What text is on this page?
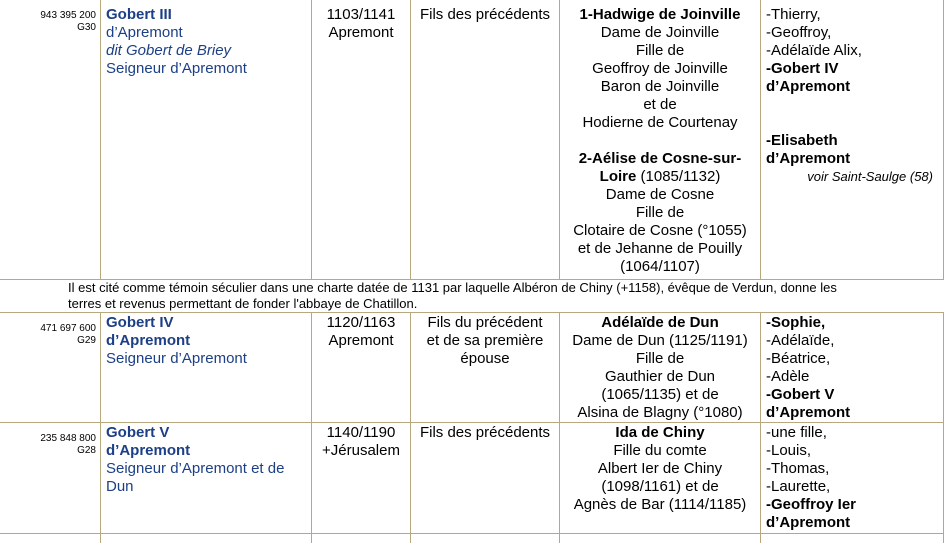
943 395 200
G30
Gobert III
d’Apremont
dit Gobert de Briey
Seigneur d’Apremont
1103/1141
Apremont
Fils des précédents	1-Hadwige de Joinville
Dame de Joinville
Fille de
Geoffroy de Joinville
Baron de Joinville
et de
Hodierne de Courtenay
2-Aélise de Cosne-sur-
Loire (1085/1132)
Dame de Cosne
Fille de
Clotaire de Cosne (°1055)
et de Jehanne de Pouilly
(1064/1107)
-Thierry,
-Geoffroy,
-Adélaïde Alix,
-Gobert IV
d’Apremont
-Elisabeth
d’Apremont
voir Saint-Saulge (58)
Il est cité comme témoin séculier dans une charte datée de 1131 par laquelle Albéron de Chiny (+1158), évêque de Verdun, donne les
terres et revenus permettant de fonder l'abbaye de Chatillon.
471 697 600
G29
Gobert IV
d’Apremont
Seigneur d’Apremont
1120/1163
Apremont
Fils du précédent
et de sa première
épouse
Adélaïde de Dun
Dame de Dun (1125/1191)
Fille de
Gauthier de Dun
(1065/1135) et de
Alsina de Blagny (°1080)
-Sophie,
-Adélaïde,
-Béatrice,
-Adèle
-Gobert V
d’Apremont
235 848 800
G28
Gobert V
d’Apremont
Seigneur d’Apremont et de
Dun
1140/1190
+Jérusalem
Fils des précédents	Ida de Chiny
Fille du comte
Albert Ier de Chiny
(1098/1161) et de
Agnès de Bar (1114/1185)
-une fille,
-Louis,
-Thomas,
-Laurette,
-Geoffroy Ier
d’Apremont
